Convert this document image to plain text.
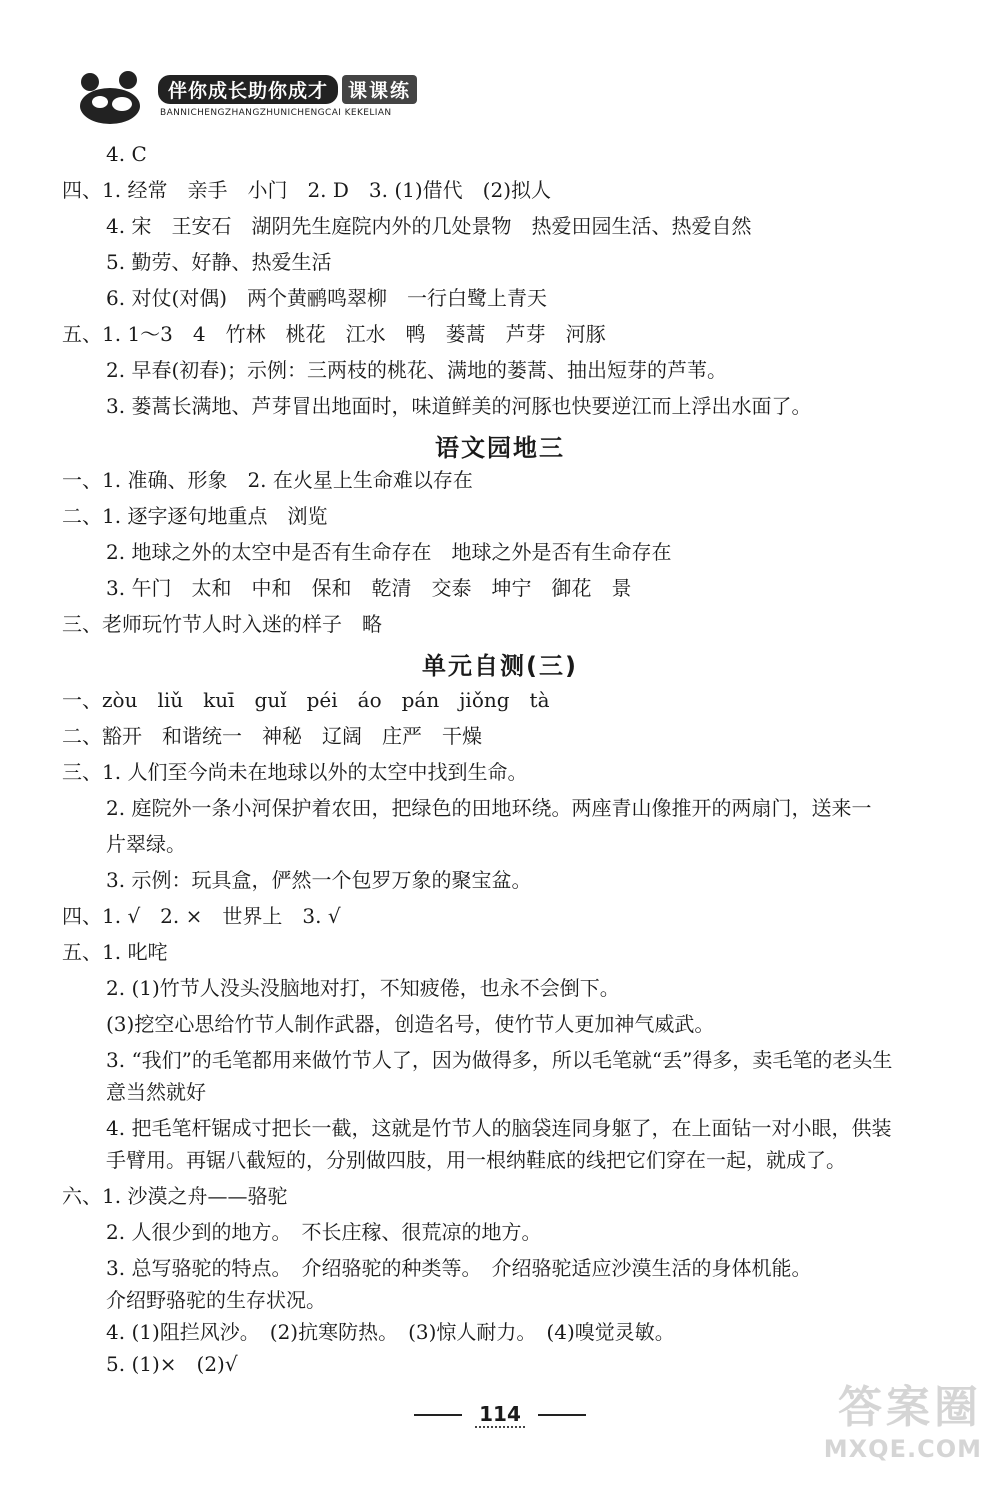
伴你成长助你成才	课课练
BANNICHENGZHANGZHUNICHENGCAI KEKELIAN
4. C
四、1. 经常　亲手　小门　2. D　3. (1)借代　(2)拟人
4. 宋　王安石　湖阴先生庭院内外的几处景物　热爱田园生活、热爱自然
5. 勤劳、好静、热爱生活
6. 对仗(对偶)　两个黄鹂鸣翠柳　一行白鹭上青天
五、1. 1～3　4　竹林　桃花　江水　鸭　蒌蒿　芦芽　河豚
2. 早春(初春)；示例：三两枝的桃花、满地的蒌蒿、抽出短芽的芦苇。
3. 蒌蒿长满地、芦芽冒出地面时，味道鲜美的河豚也快要逆江而上浮出水面了。
语文园地三
一、1. 准确、形象　2. 在火星上生命难以存在
二、1. 逐字逐句地重点　浏览
2. 地球之外的太空中是否有生命存在　地球之外是否有生命存在
3. 午门　太和　中和　保和　乾清　交泰　坤宁　御花　景
三、老师玩竹节人时入迷的样子　略
单元自测(三)
一、zòu　liǔ　kuī　guǐ　péi　áo　pán　jiǒng　tà
二、豁开　和谐统一　神秘　辽阔　庄严　干燥
三、1. 人们至今尚未在地球以外的太空中找到生命。
2. 庭院外一条小河保护着农田，把绿色的田地环绕。两座青山像推开的两扇门，送来一
片翠绿。
3. 示例：玩具盒，俨然一个包罗万象的聚宝盆。
四、1. √　2. ×　世界上　3. √
五、1. 叱咤
2. (1)竹节人没头没脑地对打，不知疲倦，也永不会倒下。
(3)挖空心思给竹节人制作武器，创造名号，使竹节人更加神气威武。
3. “我们”的毛笔都用来做竹节人了，因为做得多，所以毛笔就“丢”得多，卖毛笔的老头生
意当然就好
4. 把毛笔杆锯成寸把长一截，这就是竹节人的脑袋连同身躯了，在上面钻一对小眼，供装
手臂用。再锯八截短的，分别做四肢，用一根纳鞋底的线把它们穿在一起，就成了。
六、1. 沙漠之舟——骆驼
2. 人很少到的地方。　不长庄稼、很荒凉的地方。
3. 总写骆驼的特点。　介绍骆驼的种类等。　介绍骆驼适应沙漠生活的身体机能。
介绍野骆驼的生存状况。
4. (1)阻拦风沙。　(2)抗寒防热。　(3)惊人耐力。　(4)嗅觉灵敏。
5. (1)×　(2)√
114	答案圈
MXQE.COM
